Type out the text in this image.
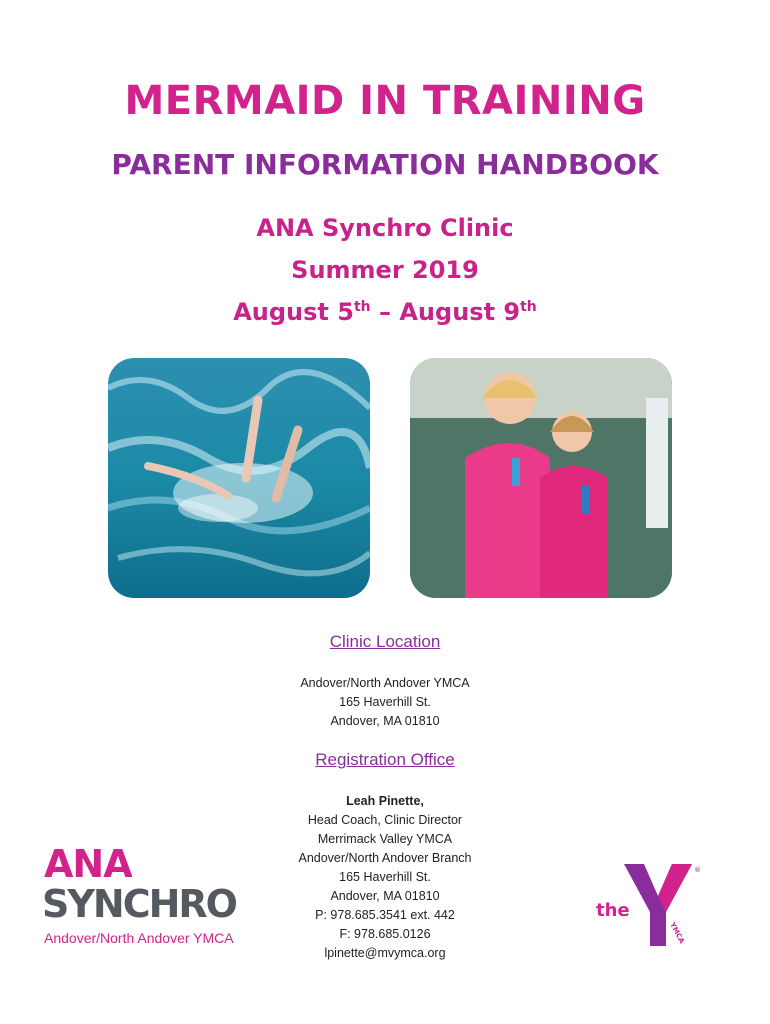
MERMAID IN TRAINING
PARENT INFORMATION HANDBOOK
ANA Synchro Clinic
Summer 2019
August 5th – August 9th
Clinic Location
Andover/North Andover YMCA
165 Haverhill St.
Andover, MA 01810
Registration Office
Leah Pinette,
Head Coach, Clinic Director
Merrimack Valley YMCA
Andover/North Andover Branch
165 Haverhill St.
Andover, MA 01810
P: 978.685.3541 ext. 442
F: 978.685.0126
lpinette@mvymca.org
ANA
SYNCHRO
Andover/North Andover YMCA
the
YMCA
®
